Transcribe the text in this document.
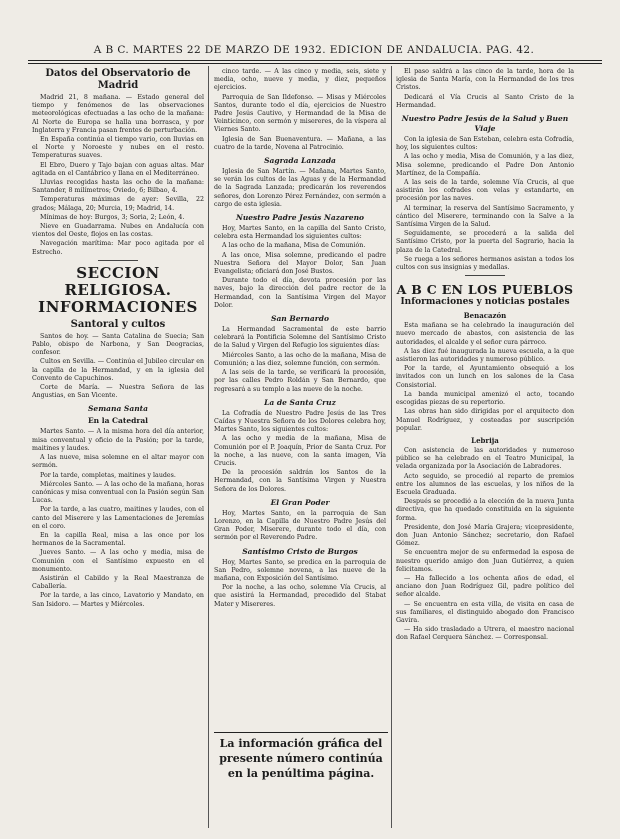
A B C. MARTES 22 DE MARZO DE 1932. EDICION DE ANDALUCIA. PAG. 42.
Datos del Observatorio de Madrid

Madrid 21, 8 mañana. — Estado general del tiempo y fenómenos de las observaciones meteorológicas efectuadas a las ocho de la mañana: Al Norte de Europa se halla una borrasca, y por Inglaterra y Francia pasan frentes de perturbación.

En España continúa el tiempo vario, con lluvias en el Norte y Noroeste y nubes en el resto. Temperaturas suaves.

El Ebro, Duero y Tajo bajan con aguas altas. Mar agitada en el Cantábrico y llana en el Mediterráneo.

Lluvias recogidas hasta las ocho de la mañana: Santander, 8 milímetros; Oviedo, 6; Bilbao, 4.

Temperaturas máximas de ayer: Sevilla, 22 grados; Málaga, 20; Murcia, 19; Madrid, 14.

Mínimas de hoy: Burgos, 3; Soria, 2; León, 4.

Nieve en Guadarrama. Nubes en Andalucía con vientos del Oeste, flojos en las costas.

Navegación marítima: Mar poco agitada por el Estrecho.

SECCION RELIGIOSA.
INFORMACIONES
Santoral y cultos

Santos de hoy. — Santa Catalina de Suecia; San Pablo, obispo de Narbona, y San Deogracias, confesor.

Cultos en Sevilla. — Continúa el Jubileo circular en la capilla de la Hermandad, y en la iglesia del Convento de Capuchinos.

Corte de María. — Nuestra Señora de las Angustias, en San Vicente.

Semana Santa
En la Catedral

Martes Santo. — A la misma hora del día anterior, misa conventual y oficio de la Pasión; por la tarde, maitines y laudes.

A las nueve, misa solemne en el altar mayor con sermón.

Por la tarde, completas, maitines y laudes.

Miércoles Santo. — A las ocho de la mañana, horas canónicas y misa conventual con la Pasión según San Lucas.

Por la tarde, a las cuatro, maitines y laudes, con el canto del Miserere y las Lamentaciones de Jeremías en el coro.

En la capilla Real, misa a las once por los hermanos de la Sacramental.

Jueves Santo. — A las ocho y media, misa de Comunión con el Santísimo expuesto en el monumento.

Asistirán el Cabildo y la Real Maestranza de Caballería.

Por la tarde, a las cinco, Lavatorio y Mandato, en San Isidoro. — Martes y Miércoles.

cinco tarde. — A las cinco y media, seis, siete y media, ocho, nueve y media, y diez, pequeños ejercicios.

Parroquia de San Ildefonso. — Misas y Miércoles Santos, durante todo el día, ejercicios de Nuestro Padre Jesús Cautivo, y Hermandad de la Misa de Veinticinco, con sermón y misereres, de la víspera al Viernes Santo.

Iglesia de San Buenaventura. — Mañana, a las cuatro de la tarde, Novena al Patrocinio.

Sagrada Lanzada

Iglesia de San Martín. — Mañana, Martes Santo, se verán los cultos de las Aguas y de la Hermandad de la Sagrada Lanzada; predicarán los reverendos señores, don Lorenzo Pérez Fernández, con sermón a cargo de esta iglesia.

Nuestro Padre Jesús Nazareno

Hoy, Martes Santo, en la capilla del Santo Cristo, celebra esta Hermandad los siguientes cultos:

A las ocho de la mañana, Misa de Comunión.

A las once, Misa solemne, predicando el padre Nuestra Señora del Mayor Dolor, San Juan Evangelista; oficiará don José Bustos.

Durante todo el día, devota procesión por las naves, bajo la dirección del padre rector de la Hermandad, con la Santísima Virgen del Mayor Dolor.

San Bernardo

La Hermandad Sacramental de este barrio celebrará la Pontificia Solemne del Santísimo Cristo de la Salud y Virgen del Refugio los siguientes días:

Miércoles Santo, a las ocho de la mañana, Misa de Comunión; a las diez, solemne función, con sermón.

A las seis de la tarde, se verificará la procesión, por las calles Pedro Roldán y San Bernardo, que regresará a su templo a las nueve de la noche.

La de Santa Cruz

La Cofradía de Nuestro Padre Jesús de las Tres Caídas y Nuestra Señora de los Dolores celebra hoy, Martes Santo, los siguientes cultos:

A las ocho y media de la mañana, Misa de Comunión por el P. Joaquín, Prior de Santa Cruz. Por la noche, a las nueve, con la santa imagen, Vía Crucis.

De la procesión saldrán los Santos de la Hermandad, con la Santísima Virgen y Nuestra Señora de los Dolores.

El Gran Poder

Hoy, Martes Santo, en la parroquia de San Lorenzo, en la Capilla de Nuestro Padre Jesús del Gran Poder, Miserere, durante todo el día, con sermón por el Reverendo Padre.

Santísimo Cristo de Burgos

Hoy, Martes Santo, se predica en la parroquia de San Pedro, solemne novena, a las nueve de la mañana, con Exposición del Santísimo.

Por la noche, a las ocho, solemne Vía Crucis, al que asistirá la Hermandad, precedido del Stabat Mater y Misereres.

La información gráfica del
presente número continúa
en la penúltima página.

El paso saldrá a las cinco de la tarde, hora de la iglesia de Santa María, con la Hermandad de los tres Cristos.

Dedicará el Vía Crucis al Santo Cristo de la Hermandad.

Nuestro Padre Jesús de la Salud y Buen Viaje

Con la iglesia de San Esteban, celebra esta Cofradía, hoy, los siguientes cultos:

A las ocho y media, Misa de Comunión, y a las diez, Misa solemne, predicando el Padre Don Antonio Martínez, de la Compañía.

A las seis de la tarde, solemne Vía Crucis, al que asistirán los cofrades con velas y estandarte, en procesión por las naves.

Al terminar, la reserva del Santísimo Sacramento, y cántico del Miserere, terminando con la Salve a la Santísima Virgen de la Salud.

Seguidamente, se procederá a la salida del Santísimo Cristo, por la puerta del Sagrario, hacia la plaza de la Catedral.

Se ruega a los señores hermanos asistan a todos los cultos con sus insignias y medallas.

A B C EN LOS PUEBLOS
Informaciones y noticias postales
Benacazón

Esta mañana se ha celebrado la inauguración del nuevo mercado de abastos, con asistencia de las autoridades, el alcalde y el señor cura párroco.

A las diez fué inaugurada la nueva escuela, a la que asistieron las autoridades y numeroso público.

Por la tarde, el Ayuntamiento obsequió a los invitados con un lunch en los salones de la Casa Consistorial.

La banda municipal amenizó el acto, tocando escogidas piezas de su repertorio.

Las obras han sido dirigidas por el arquitecto don Manuel Rodríguez, y costeadas por suscripción popular.

Lebrija

Con asistencia de las autoridades y numeroso público se ha celebrado en el Teatro Municipal, la velada organizada por la Asociación de Labradores.

Acto seguido, se procedió al reparto de premios entre los alumnos de las escuelas, y los niños de la Escuela Graduada.

Después se procedió a la elección de la nueva Junta directiva, que ha quedado constituida en la siguiente forma.

Presidente, don José María Grajera; vicepresidente, don Juan Antonio Sánchez; secretario, don Rafael Gómez.

Se encuentra mejor de su enfermedad la esposa de nuestro querido amigo don Juan Gutiérrez, a quien felicitamos.

— Ha fallecido a los ochenta años de edad, el anciano don Juan Rodríguez Gil, padre político del señor alcalde.

— Se encuentra en esta villa, de visita en casa de sus familiares, el distinguido abogado don Francisco Gavira.

— Ha sido trasladado a Utrera, el maestro nacional don Rafael Cerquera Sánchez. — Corresponsal.
